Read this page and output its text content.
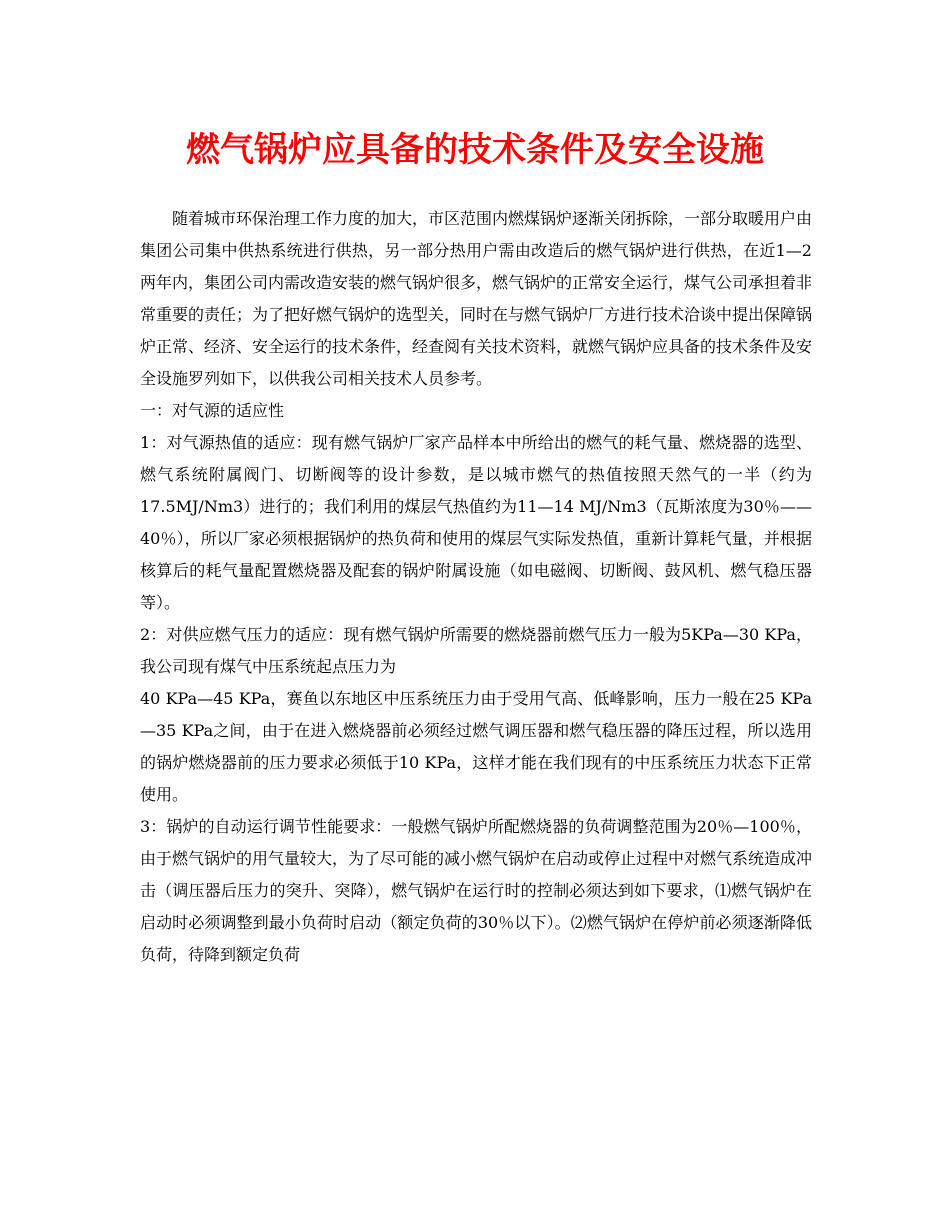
燃气锅炉应具备的技术条件及安全设施

随着城市环保治理工作力度的加大，市区范围内燃煤锅炉逐渐关闭拆除，一部分取暖用户由集团公司集中供热系统进行供热，另一部分热用户需由改造后的燃气锅炉进行供热，在近1—2两年内，集团公司内需改造安装的燃气锅炉很多，燃气锅炉的正常安全运行，煤气公司承担着非常重要的责任；为了把好燃气锅炉的选型关，同时在与燃气锅炉厂方进行技术洽谈中提出保障锅炉正常、经济、安全运行的技术条件，经查阅有关技术资料，就燃气锅炉应具备的技术条件及安全设施罗列如下，以供我公司相关技术人员参考。

一：对气源的适应性

1：对气源热值的适应：现有燃气锅炉厂家产品样本中所给出的燃气的耗气量、燃烧器的选型、燃气系统附属阀门、切断阀等的设计参数，是以城市燃气的热值按照天然气的一半（约为17.5MJ/Nm3）进行的；我们利用的煤层气热值约为11—14 MJ/Nm3（瓦斯浓度为30％——40％），所以厂家必须根据锅炉的热负荷和使用的煤层气实际发热值，重新计算耗气量，并根据核算后的耗气量配置燃烧器及配套的锅炉附属设施（如电磁阀、切断阀、鼓风机、燃气稳压器等）。

2：对供应燃气压力的适应：现有燃气锅炉所需要的燃烧器前燃气压力一般为5KPa—30 KPa，我公司现有煤气中压系统起点压力为

40 KPa—45 KPa，赛鱼以东地区中压系统压力由于受用气高、低峰影响，压力一般在25 KPa—35 KPa之间，由于在进入燃烧器前必须经过燃气调压器和燃气稳压器的降压过程，所以选用的锅炉燃烧器前的压力要求必须低于10 KPa，这样才能在我们现有的中压系统压力状态下正常使用。

3：锅炉的自动运行调节性能要求：一般燃气锅炉所配燃烧器的负荷调整范围为20％—100％，由于燃气锅炉的用气量较大，为了尽可能的减小燃气锅炉在启动或停止过程中对燃气系统造成冲击（调压器后压力的突升、突降），燃气锅炉在运行时的控制必须达到如下要求，⑴燃气锅炉在启动时必须调整到最小负荷时启动（额定负荷的30％以下）。⑵燃气锅炉在停炉前必须逐渐降低负荷，待降到额定负荷
